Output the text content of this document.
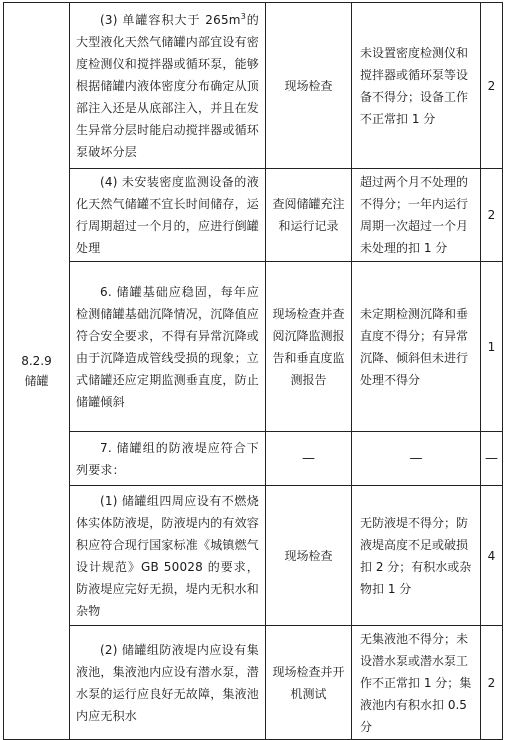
8.2.9
储罐	(3) 单罐容积大于 $265m^3$的大型液化天然气储罐内部宜设有密度检测仪和搅拌器或循环泵，能够根据储罐内液体密度分布确定从顶部注入还是从底部注入，并且在发生异常分层时能启动搅拌器或循环泵破坏分层	现场检查	未设置密度检测仪和搅拌器或循环泵等设备不得分；设备工作不正常扣 1 分	2

	(4) 未安装密度监测设备的液化天然气储罐不宜长时间储存，运行周期超过一个月的，应进行倒罐处理	查阅储罐充注和运行记录	超过两个月不处理的不得分；一年内运行周期一次超过一个月未处理的扣 1 分	2

	6. 储罐基础应稳固，每年应检测储罐基础沉降情况，沉降值应符合安全要求，不得有异常沉降或由于沉降造成管线受损的现象；立式储罐还应定期监测垂直度，防止储罐倾斜	现场检查并查阅沉降监测报告和垂直度监测报告	未定期检测沉降和垂直度不得分；有异常沉降、倾斜但未进行处理不得分	1

	7. 储罐组的防液堤应符合下列要求：	—	—	—

	(1) 储罐组四周应设有不燃烧体实体防液堤，防液堤内的有效容积应符合现行国家标准《城镇燃气设计规范》GB 50028 的要求，防液堤应完好无损，堤内无积水和杂物	现场检查	无防液堤不得分；防液堤高度不足或破损扣 2 分；有积水或杂物扣 1 分	4

	(2) 储罐组防液堤内应设有集液池，集液池内应设有潜水泵，潜水泵的运行应良好无故障，集液池内应无积水	现场检查并开机测试	无集液池不得分；未设潜水泵或潜水泵工作不正常扣 1 分；集液池内有积水扣 0.5 分	2
